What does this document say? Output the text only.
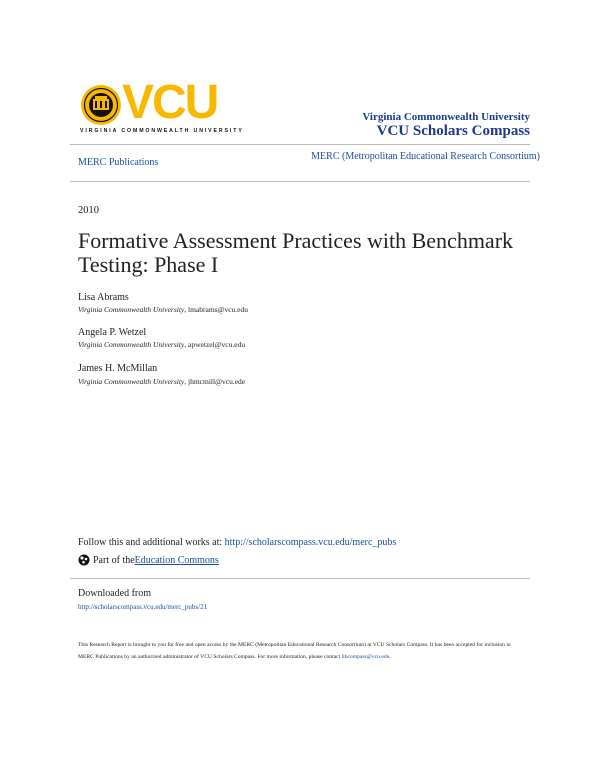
VCU
VIRGINIA COMMONWEALTH UNIVERSITY
Virginia Commonwealth University
VCU Scholars Compass
MERC Publications
MERC (Metropolitan Educational Research Consortium)
2010
Formative Assessment Practices with Benchmark Testing: Phase I
Lisa Abrams
Virginia Commonwealth University, lmabrams@vcu.edu
Angela P. Wetzel
Virginia Commonwealth University, apwetzel@vcu.edu
James H. McMillan
Virginia Commonwealth University, jhmcmill@vcu.ede
Follow this and additional works at: http://scholarscompass.vcu.edu/merc_pubs
Part of the Education Commons
Downloaded from
http://scholarscompass.vcu.edu/merc_pubs/21
This Research Report is brought to you for free and open access by the MERC (Metropolitan Educational Research Consortium) at VCU Scholars Compass. It has been accepted for inclusion in MERC Publications by an authorized administrator of VCU Scholars Compass. For more information, please contact libcompass@vcu.edu.
